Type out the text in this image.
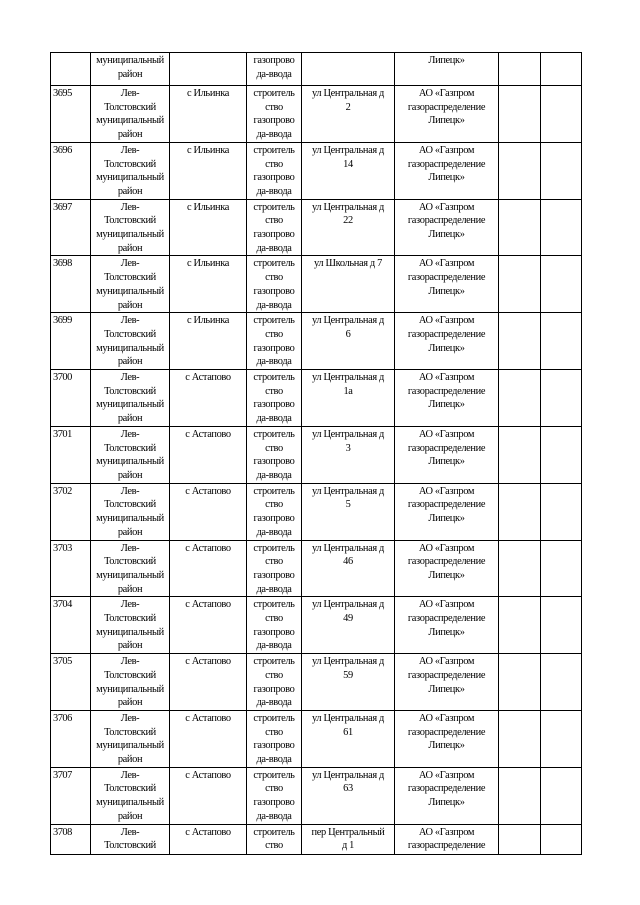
	муниципальный
район		газопрово
да-ввода		Липецк»		

3695	Лев-
Толстовский
муниципальный
район	с Ильинка	строитель
ство
газопрово
да-ввода	ул Центральная д
2	АО «Газпром
газораспределение
Липецк»		

3696	Лев-
Толстовский
муниципальный
район	с Ильинка	строитель
ство
газопрово
да-ввода	ул Центральная д
14	АО «Газпром
газораспределение
Липецк»		

3697	Лев-
Толстовский
муниципальный
район	с Ильинка	строитель
ство
газопрово
да-ввода	ул Центральная д
22	АО «Газпром
газораспределение
Липецк»		

3698	Лев-
Толстовский
муниципальный
район	с Ильинка	строитель
ство
газопрово
да-ввода	ул Школьная д 7	АО «Газпром
газораспределение
Липецк»		

3699	Лев-
Толстовский
муниципальный
район	с Ильинка	строитель
ство
газопрово
да-ввода	ул Центральная д
6	АО «Газпром
газораспределение
Липецк»		

3700	Лев-
Толстовский
муниципальный
район	с Астапово	строитель
ство
газопрово
да-ввода	ул Центральная д
1а	АО «Газпром
газораспределение
Липецк»		

3701	Лев-
Толстовский
муниципальный
район	с Астапово	строитель
ство
газопрово
да-ввода	ул Центральная д
3	АО «Газпром
газораспределение
Липецк»		

3702	Лев-
Толстовский
муниципальный
район	с Астапово	строитель
ство
газопрово
да-ввода	ул Центральная д
5	АО «Газпром
газораспределение
Липецк»		

3703	Лев-
Толстовский
муниципальный
район	с Астапово	строитель
ство
газопрово
да-ввода	ул Центральная д
46	АО «Газпром
газораспределение
Липецк»		

3704	Лев-
Толстовский
муниципальный
район	с Астапово	строитель
ство
газопрово
да-ввода	ул Центральная д
49	АО «Газпром
газораспределение
Липецк»		

3705	Лев-
Толстовский
муниципальный
район	с Астапово	строитель
ство
газопрово
да-ввода	ул Центральная д
59	АО «Газпром
газораспределение
Липецк»		

3706	Лев-
Толстовский
муниципальный
район	с Астапово	строитель
ство
газопрово
да-ввода	ул Центральная д
61	АО «Газпром
газораспределение
Липецк»		

3707	Лев-
Толстовский
муниципальный
район	с Астапово	строитель
ство
газопрово
да-ввода	ул Центральная д
63	АО «Газпром
газораспределение
Липецк»		

3708	Лев-
Толстовский	с Астапово	строитель
ство	пер Центральный
д 1	АО «Газпром
газораспределение		
